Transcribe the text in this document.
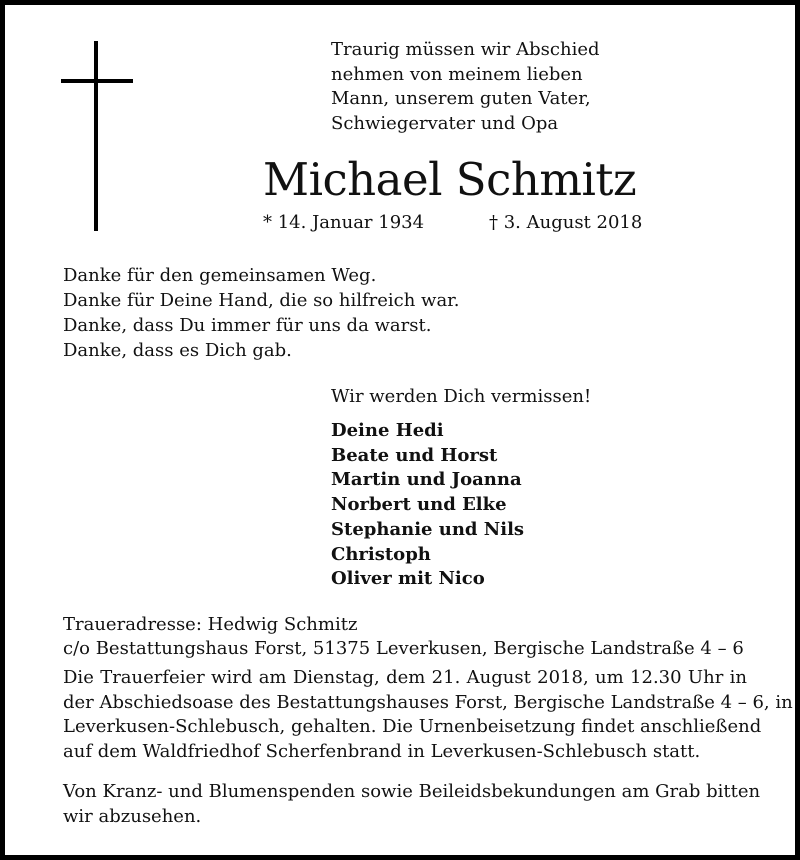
Traurig müssen wir Abschied
nehmen von meinem lieben
Mann, unserem guten Vater,
Schwiegervater und Opa
Michael Schmitz
* 14. Januar 1934	† 3. August 2018
Danke für den gemeinsamen Weg.
Danke für Deine Hand, die so hilfreich war.
Danke, dass Du immer für uns da warst.
Danke, dass es Dich gab.
Wir werden Dich vermissen!
Deine Hedi
Beate und Horst
Martin und Joanna
Norbert und Elke
Stephanie und Nils
Christoph
Oliver mit Nico
Traueradresse: Hedwig Schmitz
c/o Bestattungshaus Forst, 51375 Leverkusen, Bergische Landstraße 4 – 6
Die Trauerfeier wird am Dienstag, dem 21. August 2018, um 12.30 Uhr in
der Abschiedsoase des Bestattungshauses Forst, Bergische Landstraße 4 – 6, in
Leverkusen-Schlebusch, gehalten. Die Urnenbeisetzung findet anschließend
auf dem Waldfriedhof Scherfenbrand in Leverkusen-Schlebusch statt.
Von Kranz- und Blumenspenden sowie Beileidsbekundungen am Grab bitten
wir abzusehen.
